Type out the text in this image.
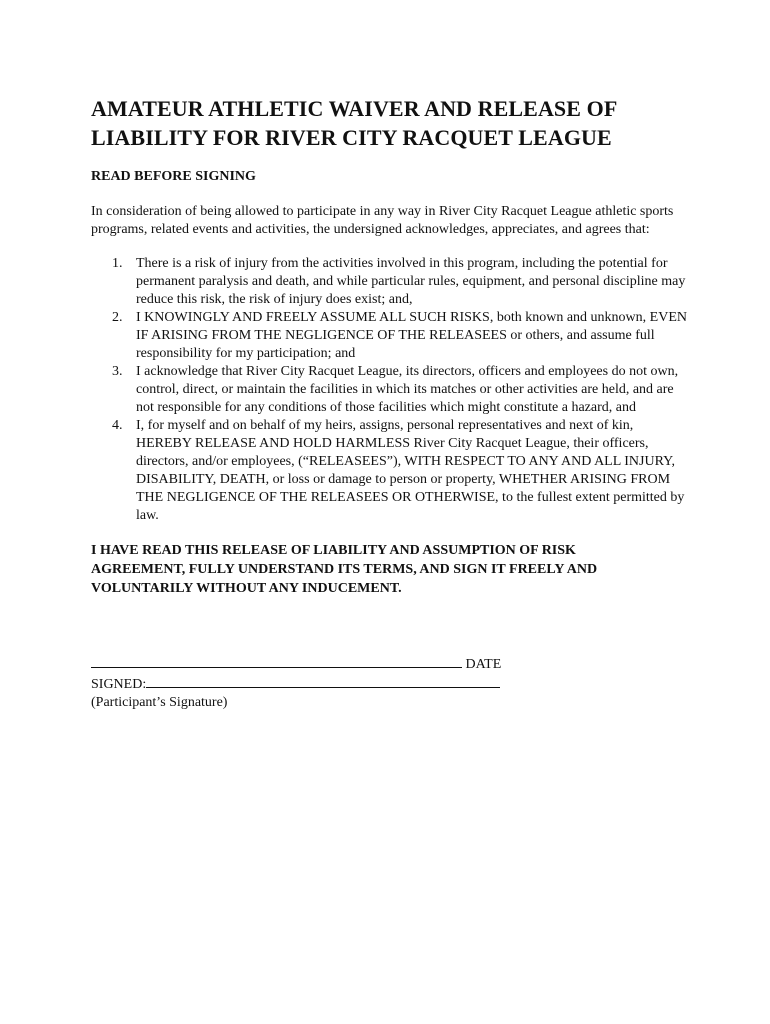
AMATEUR ATHLETIC WAIVER AND RELEASE OF LIABILITY FOR RIVER CITY RACQUET LEAGUE

READ BEFORE SIGNING

In consideration of being allowed to participate in any way in River City Racquet League athletic sports programs, related events and activities, the undersigned acknowledges, appreciates, and agrees that:

1. There is a risk of injury from the activities involved in this program, including the potential for permanent paralysis and death, and while particular rules, equipment, and personal discipline may reduce this risk, the risk of injury does exist; and,
2. I KNOWINGLY AND FREELY ASSUME ALL SUCH RISKS, both known and unknown, EVEN IF ARISING FROM THE NEGLIGENCE OF THE RELEASEES or others, and assume full responsibility for my participation; and
3. I acknowledge that River City Racquet League, its directors, officers and employees do not own, control, direct, or maintain the facilities in which its matches or other activities are held, and are not responsible for any conditions of those facilities which might constitute a hazard, and
4. I, for myself and on behalf of my heirs, assigns, personal representatives and next of kin, HEREBY RELEASE AND HOLD HARMLESS River City Racquet League, their officers, directors, and/or employees, (“RELEASEES”), WITH RESPECT TO ANY AND ALL INJURY, DISABILITY, DEATH, or loss or damage to person or property, WHETHER ARISING FROM THE NEGLIGENCE OF THE RELEASEES OR OTHERWISE, to the fullest extent permitted by law.

I HAVE READ THIS RELEASE OF LIABILITY AND ASSUMPTION OF RISK AGREEMENT, FULLY UNDERSTAND ITS TERMS, AND SIGN IT FREELY AND VOLUNTARILY WITHOUT ANY INDUCEMENT.

DATE
SIGNED:
(Participant’s Signature)
